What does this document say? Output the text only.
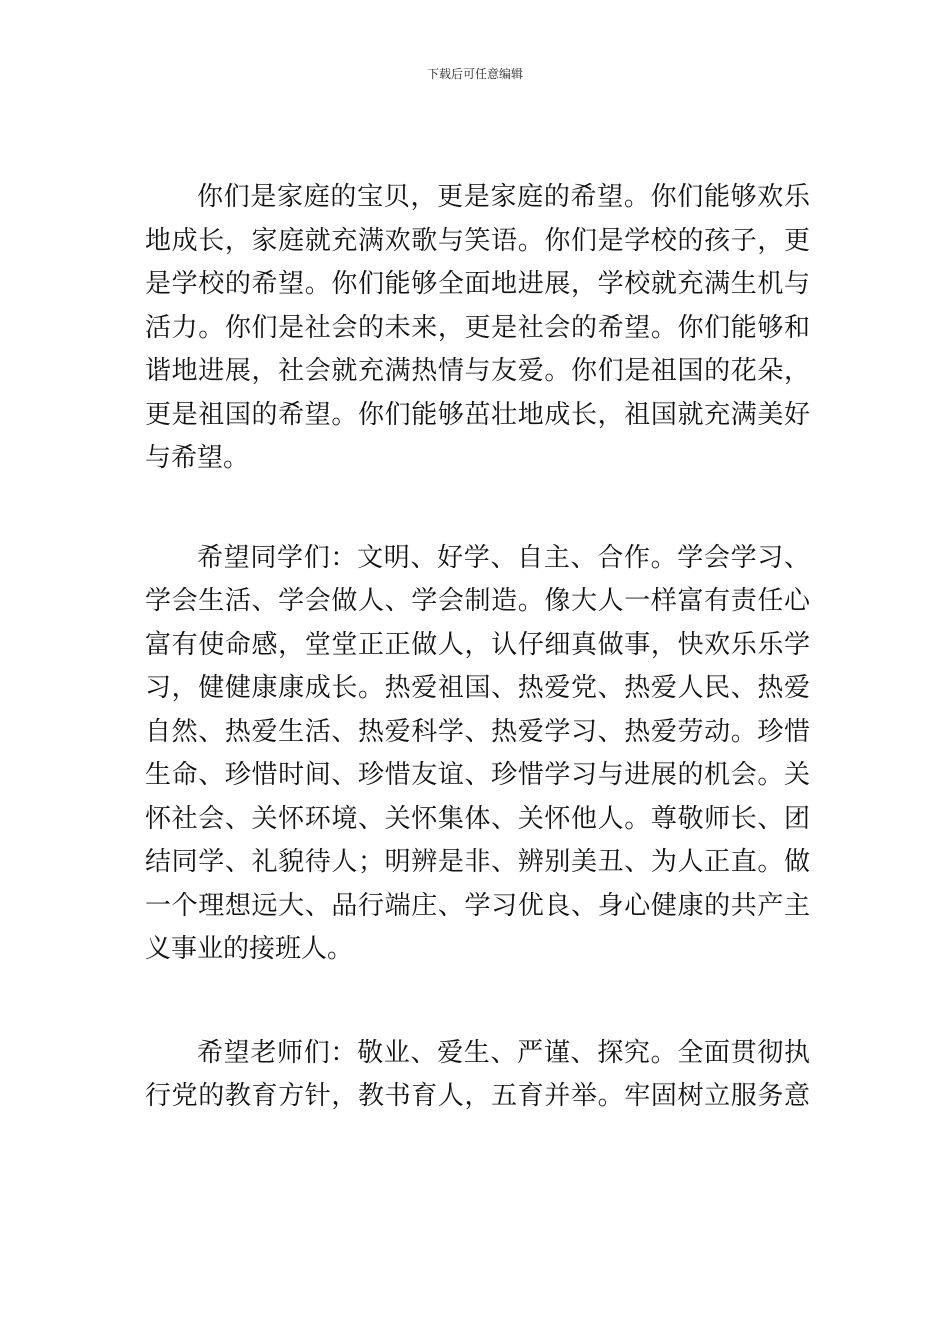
下载后可任意编辑
你们是家庭的宝贝，更是家庭的希望。你们能够欢乐
地成长，家庭就充满欢歌与笑语。你们是学校的孩子，更
是学校的希望。你们能够全面地进展，学校就充满生机与
活力。你们是社会的未来，更是社会的希望。你们能够和
谐地进展，社会就充满热情与友爱。你们是祖国的花朵，
更是祖国的希望。你们能够茁壮地成长，祖国就充满美好
与希望。
希望同学们：文明、好学、自主、合作。学会学习、
学会生活、学会做人、学会制造。像大人一样富有责任心
富有使命感，堂堂正正做人，认仔细真做事，快欢乐乐学
习，健健康康成长。热爱祖国、热爱党、热爱人民、热爱
自然、热爱生活、热爱科学、热爱学习、热爱劳动。珍惜
生命、珍惜时间、珍惜友谊、珍惜学习与进展的机会。关
怀社会、关怀环境、关怀集体、关怀他人。尊敬师长、团
结同学、礼貌待人；明辨是非、辨别美丑、为人正直。做
一个理想远大、品行端庄、学习优良、身心健康的共产主
义事业的接班人。
希望老师们：敬业、爱生、严谨、探究。全面贯彻执
行党的教育方针，教书育人，五育并举。牢固树立服务意
